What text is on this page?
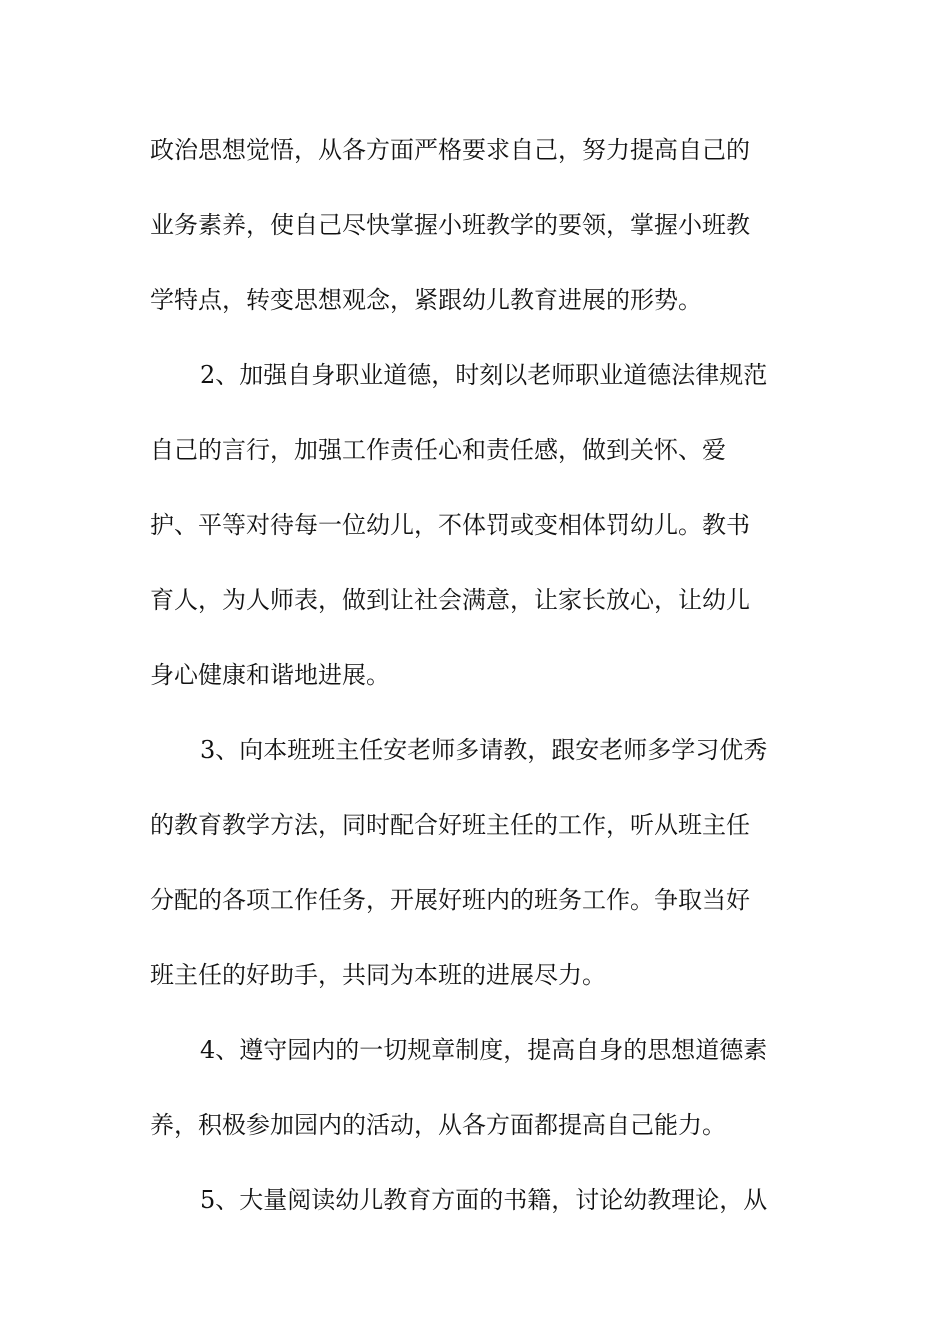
政治思想觉悟，从各方面严格要求自己，努力提高自己的

业务素养，使自己尽快掌握小班教学的要领，掌握小班教

学特点，转变思想观念，紧跟幼儿教育进展的形势。

2、加强自身职业道德，时刻以老师职业道德法律规范

自己的言行，加强工作责任心和责任感，做到关怀、爱

护、平等对待每一位幼儿，不体罚或变相体罚幼儿。教书

育人，为人师表，做到让社会满意，让家长放心，让幼儿

身心健康和谐地进展。

3、向本班班主任安老师多请教，跟安老师多学习优秀

的教育教学方法，同时配合好班主任的工作，听从班主任

分配的各项工作任务，开展好班内的班务工作。争取当好

班主任的好助手，共同为本班的进展尽力。

4、遵守园内的一切规章制度，提高自身的思想道德素

养，积极参加园内的活动，从各方面都提高自己能力。

5、大量阅读幼儿教育方面的书籍，讨论幼教理论，从
